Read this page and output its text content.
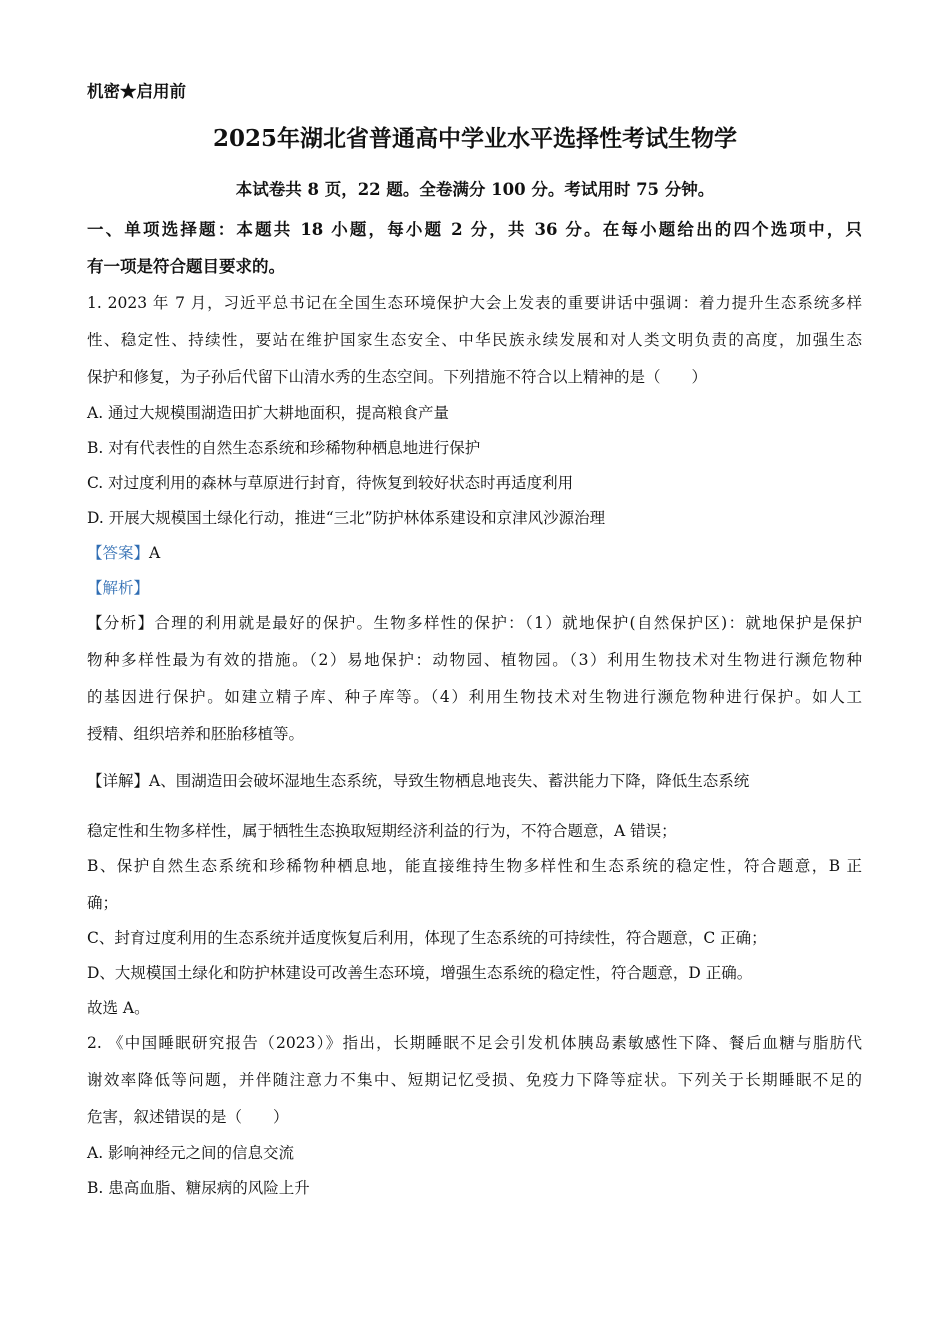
机密★启用前
2025年湖北省普通高中学业水平选择性考试生物学
本试卷共 8 页，22 题。全卷满分 100 分。考试用时 75 分钟。
一、单项选择题：本题共 18 小题，每小题 2 分，共 36 分。在每小题给出的四个选项中，只
有一项是符合题目要求的。
1. 2023 年 7 月，习近平总书记在全国生态环境保护大会上发表的重要讲话中强调：着力提升生态系统多样
性、稳定性、持续性，要站在维护国家生态安全、中华民族永续发展和对人类文明负责的高度，加强生态
保护和修复，为子孙后代留下山清水秀的生态空间。下列措施不符合以上精神的是（　　）
A. 通过大规模围湖造田扩大耕地面积，提高粮食产量
B. 对有代表性的自然生态系统和珍稀物种栖息地进行保护
C. 对过度利用的森林与草原进行封育，待恢复到较好状态时再适度利用
D. 开展大规模国土绿化行动，推进“三北”防护林体系建设和京津风沙源治理
【答案】A
【解析】
【分析】合理的利用就是最好的保护。生物多样性的保护：（1）就地保护(自然保护区)：就地保护是保护
物种多样性最为有效的措施。（2）易地保护：动物园、植物园。（3）利用生物技术对生物进行濒危物种
的基因进行保护。如建立精子库、种子库等。（4）利用生物技术对生物进行濒危物种进行保护。如人工
授精、组织培养和胚胎移植等。
【详解】A、围湖造田会破坏湿地生态系统，导致生物栖息地丧失、蓄洪能力下降，降低生态系统
稳定性和生物多样性，属于牺牲生态换取短期经济利益的行为，不符合题意，A 错误；
B、保护自然生态系统和珍稀物种栖息地，能直接维持生物多样性和生态系统的稳定性，符合题意，B 正
确；
C、封育过度利用的生态系统并适度恢复后利用，体现了生态系统的可持续性，符合题意，C 正确；
D、大规模国土绿化和防护林建设可改善生态环境，增强生态系统的稳定性，符合题意，D 正确。
故选 A。
2. 《中国睡眠研究报告（2023）》指出，长期睡眠不足会引发机体胰岛素敏感性下降、餐后血糖与脂肪代
谢效率降低等问题，并伴随注意力不集中、短期记忆受损、免疫力下降等症状。下列关于长期睡眠不足的
危害，叙述错误的是（　　）
A. 影响神经元之间的信息交流
B. 患高血脂、糖尿病的风险上升
